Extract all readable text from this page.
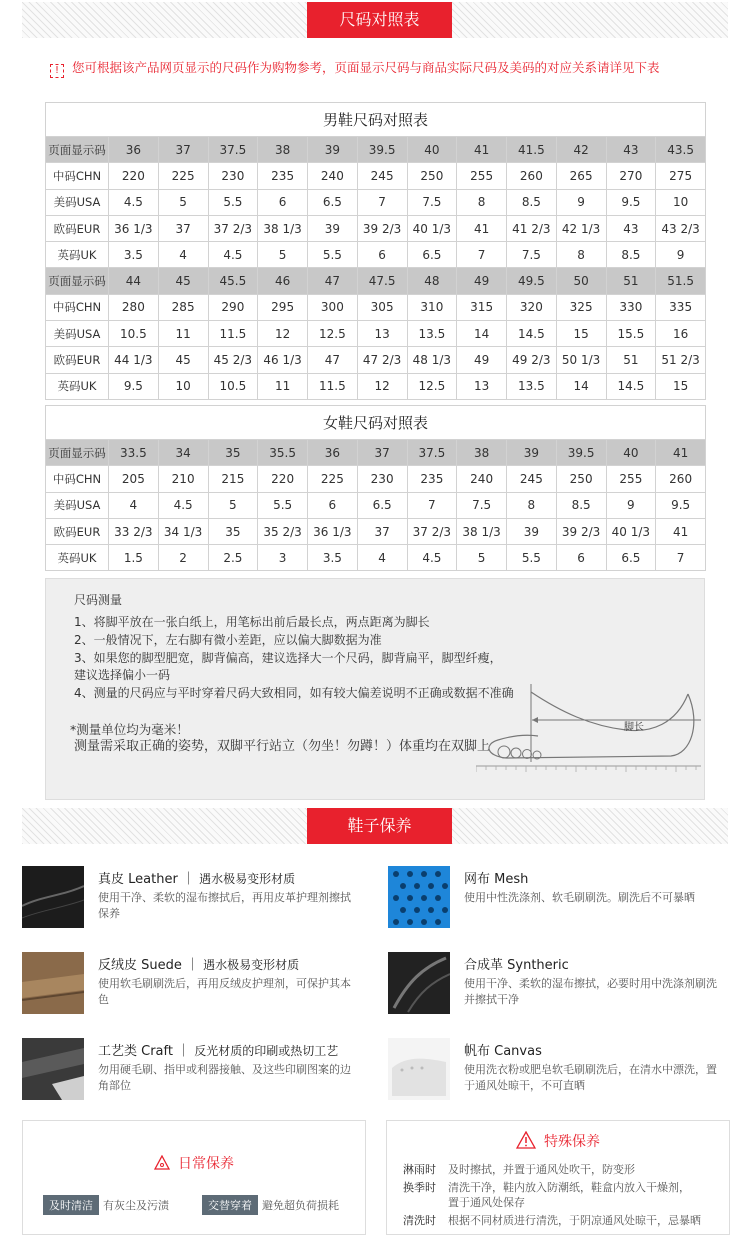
尺码对照表
! 您可根据该产品网页显示的尺码作为购物参考，页面显示尺码与商品实际尺码及美码的对应关系请详见下表
男鞋尺码对照表												
页面显示码	36	37	37.5	38	39	39.5	40	41	41.5	42	43	43.5
中码CHN	220	225	230	235	240	245	250	255	260	265	270	275
美码USA	4.5	5	5.5	6	6.5	7	7.5	8	8.5	9	9.5	10
欧码EUR	36 1/3	37	37 2/3	38 1/3	39	39 2/3	40 1/3	41	41 2/3	42 1/3	43	43 2/3
英码UK	3.5	4	4.5	5	5.5	6	6.5	7	7.5	8	8.5	9
页面显示码	44	45	45.5	46	47	47.5	48	49	49.5	50	51	51.5
中码CHN	280	285	290	295	300	305	310	315	320	325	330	335
美码USA	10.5	11	11.5	12	12.5	13	13.5	14	14.5	15	15.5	16
欧码EUR	44 1/3	45	45 2/3	46 1/3	47	47 2/3	48 1/3	49	49 2/3	50 1/3	51	51 2/3
英码UK	9.5	10	10.5	11	11.5	12	12.5	13	13.5	14	14.5	15
女鞋尺码对照表												
页面显示码	33.5	34	35	35.5	36	37	37.5	38	39	39.5	40	41
中码CHN	205	210	215	220	225	230	235	240	245	250	255	260
美码USA	4	4.5	5	5.5	6	6.5	7	7.5	8	8.5	9	9.5
欧码EUR	33 2/3	34 1/3	35	35 2/3	36 1/3	37	37 2/3	38 1/3	39	39 2/3	40 1/3	41
英码UK	1.5	2	2.5	3	3.5	4	4.5	5	5.5	6	6.5	7
尺码测量
1、将脚平放在一张白纸上，用笔标出前后最长点，两点距离为脚长
2、一般情况下，左右脚有微小差距，应以偏大脚数据为准
3、如果您的脚型肥宽，脚背偏高，建议选择大一个尺码，脚背扁平，脚型纤瘦，
建议选择偏小一码
4、测量的尺码应与平时穿着尺码大致相同，如有较大偏差说明不正确或数据不准确
*测量单位均为毫米！
测量需采取正确的姿势，双脚平行站立（勿坐！勿蹲！）体重均在双脚上
脚长
鞋子保养
真皮 Leather ｜ 遇水极易变形材质
使用干净、柔软的湿布擦拭后，再用皮革护理剂擦拭保养
网布 Mesh
使用中性洗涤剂、软毛刷刷洗。刷洗后不可暴晒
反绒皮 Suede ｜ 遇水极易变形材质
使用软毛刷刷洗后，再用反绒皮护理剂，可保护其本色
合成革 Syntheric
使用干净、柔软的湿布擦拭，必要时用中洗涤剂刷洗并擦拭干净
工艺类 Craft ｜ 反光材质的印刷或热切工艺
勿用硬毛刷、指甲或利器接触、及这些印刷图案的边角部位
帆布 Canvas
使用洗衣粉或肥皂软毛刷刷洗后，在清水中漂洗，置于通风处晾干，不可直晒
日常保养
及时清洁 有灰尘及污渍	交替穿着 避免超负荷损耗
特殊保养
淋雨时 及时擦拭，并置于通风处吹干，防变形
换季时 清洗干净，鞋内放入防潮纸，鞋盒内放入干燥剂，
置于通风处保存
清洗时 根据不同材质进行清洗，于阴凉通风处晾干，忌暴晒
